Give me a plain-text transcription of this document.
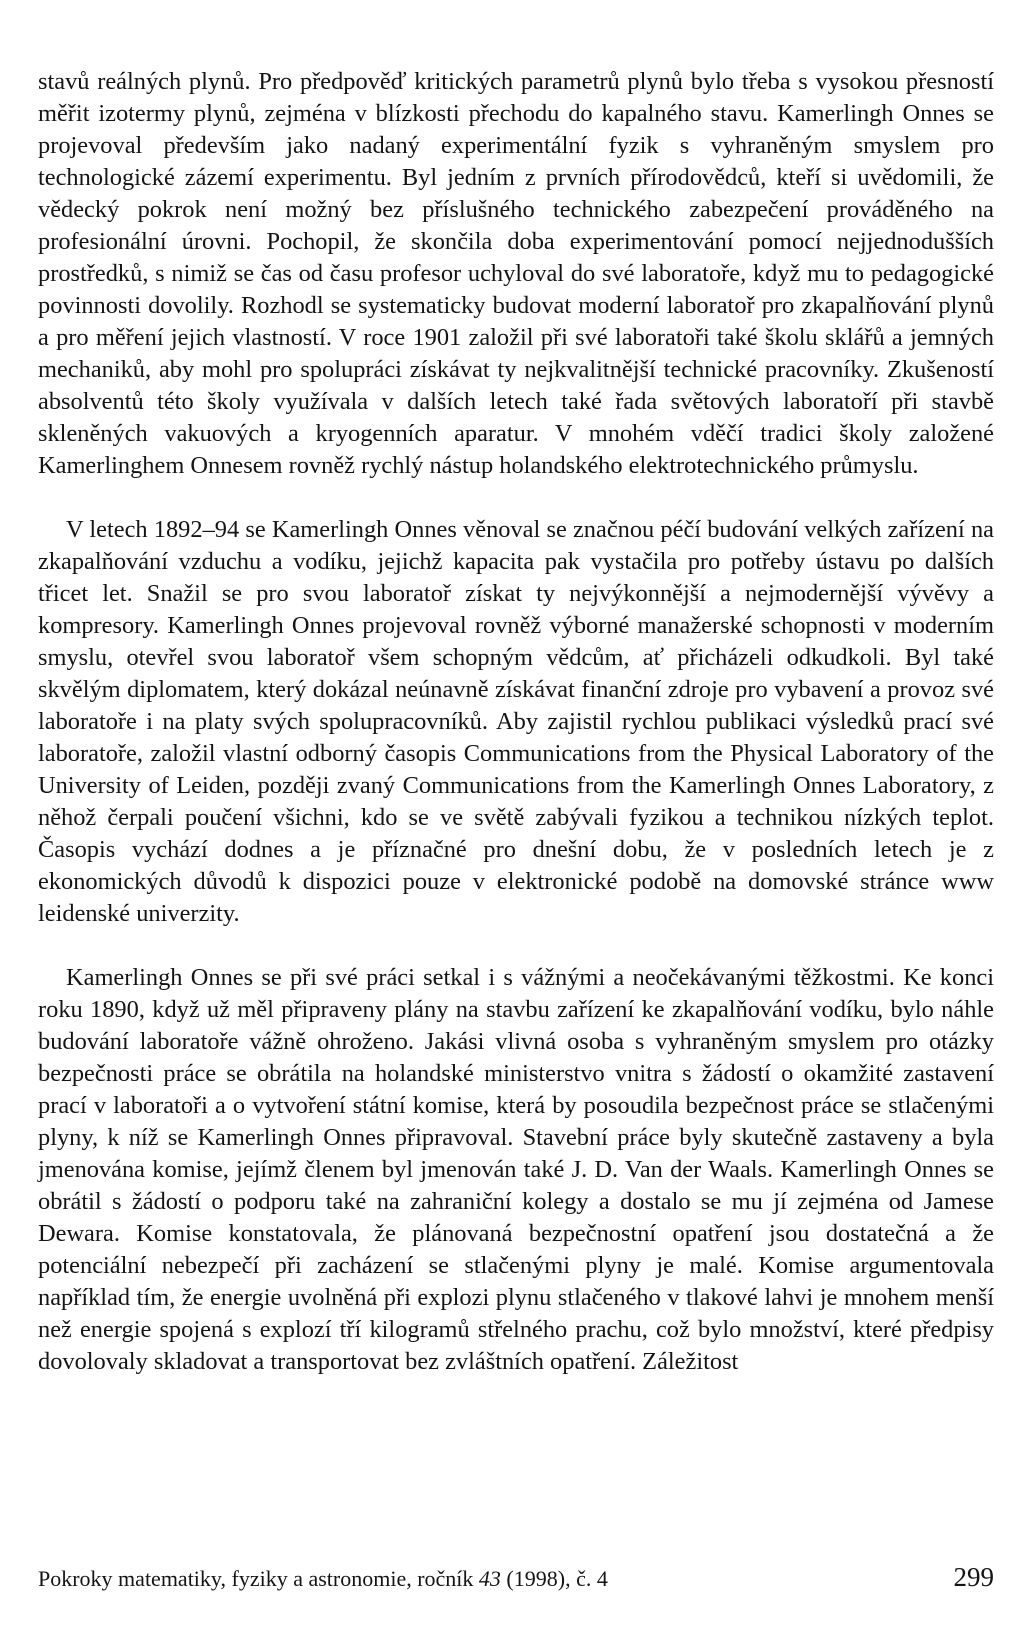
stavů reálných plynů. Pro předpověď kritických parametrů plynů bylo třeba s vysokou přesností měřit izotermy plynů, zejména v blízkosti přechodu do kapalného stavu. Kamerlingh Onnes se projevoval především jako nadaný experimentální fyzik s vyhraněným smyslem pro technologické zázemí experimentu. Byl jedním z prvních přírodovědců, kteří si uvědomili, že vědecký pokrok není možný bez příslušného technického zabezpečení prováděného na profesionální úrovni. Pochopil, že skončila doba experimentování pomocí nejjednodušších prostředků, s nimiž se čas od času profesor uchyloval do své laboratoře, když mu to pedagogické povinnosti dovolily. Rozhodl se systematicky budovat moderní laboratoř pro zkapalňování plynů a pro měření jejich vlastností. V roce 1901 založil při své laboratoři také školu sklářů a jemných mechaniků, aby mohl pro spolupráci získávat ty nejkvalitnější technické pracovníky. Zkušeností absolventů této školy využívala v dalších letech také řada světových laboratoří při stavbě skleněných vakuových a kryogenních aparatur. V mnohém vděčí tradici školy založené Kamerlinghem Onnesem rovněž rychlý nástup holandského elektrotechnického průmyslu.

V letech 1892–94 se Kamerlingh Onnes věnoval se značnou péčí budování velkých zařízení na zkapalňování vzduchu a vodíku, jejichž kapacita pak vystačila pro potřeby ústavu po dalších třicet let. Snažil se pro svou laboratoř získat ty nejvýkonnější a nejmodernější vývěvy a kompresory. Kamerlingh Onnes projevoval rovněž výborné manažerské schopnosti v moderním smyslu, otevřel svou laboratoř všem schopným vědcům, ať přicházeli odkudkoli. Byl také skvělým diplomatem, který dokázal neúnavně získávat finanční zdroje pro vybavení a provoz své laboratoře i na platy svých spolupracovníků. Aby zajistil rychlou publikaci výsledků prací své laboratoře, založil vlastní odborný časopis Communications from the Physical Laboratory of the University of Leiden, později zvaný Communications from the Kamerlingh Onnes Laboratory, z něhož čerpali poučení všichni, kdo se ve světě zabývali fyzikou a technikou nízkých teplot. Časopis vychází dodnes a je příznačné pro dnešní dobu, že v posledních letech je z ekonomických důvodů k dispozici pouze v elektronické podobě na domovské stránce www leidenské univerzity.

Kamerlingh Onnes se při své práci setkal i s vážnými a neočekávanými těžkostmi. Ke konci roku 1890, když už měl připraveny plány na stavbu zařízení ke zkapalňování vodíku, bylo náhle budování laboratoře vážně ohroženo. Jakási vlivná osoba s vyhraněným smyslem pro otázky bezpečnosti práce se obrátila na holandské ministerstvo vnitra s žádostí o okamžité zastavení prací v laboratoři a o vytvoření státní komise, která by posoudila bezpečnost práce se stlačenými plyny, k níž se Kamerlingh Onnes připravoval. Stavební práce byly skutečně zastaveny a byla jmenována komise, jejímž členem byl jmenován také J. D. Van der Waals. Kamerlingh Onnes se obrátil s žádostí o podporu také na zahraniční kolegy a dostalo se mu jí zejména od Jamese Dewara. Komise konstatovala, že plánovaná bezpečnostní opatření jsou dostatečná a že potenciální nebezpečí při zacházení se stlačenými plyny je malé. Komise argumentovala například tím, že energie uvolněná při explozi plynu stlačeného v tlakové lahvi je mnohem menší než energie spojená s explozí tří kilogramů střelného prachu, což bylo množství, které předpisy dovolovaly skladovat a transportovat bez zvláštních opatření. Záležitost

Pokroky matematiky, fyziky a astronomie, ročník 43 (1998), č. 4	299
